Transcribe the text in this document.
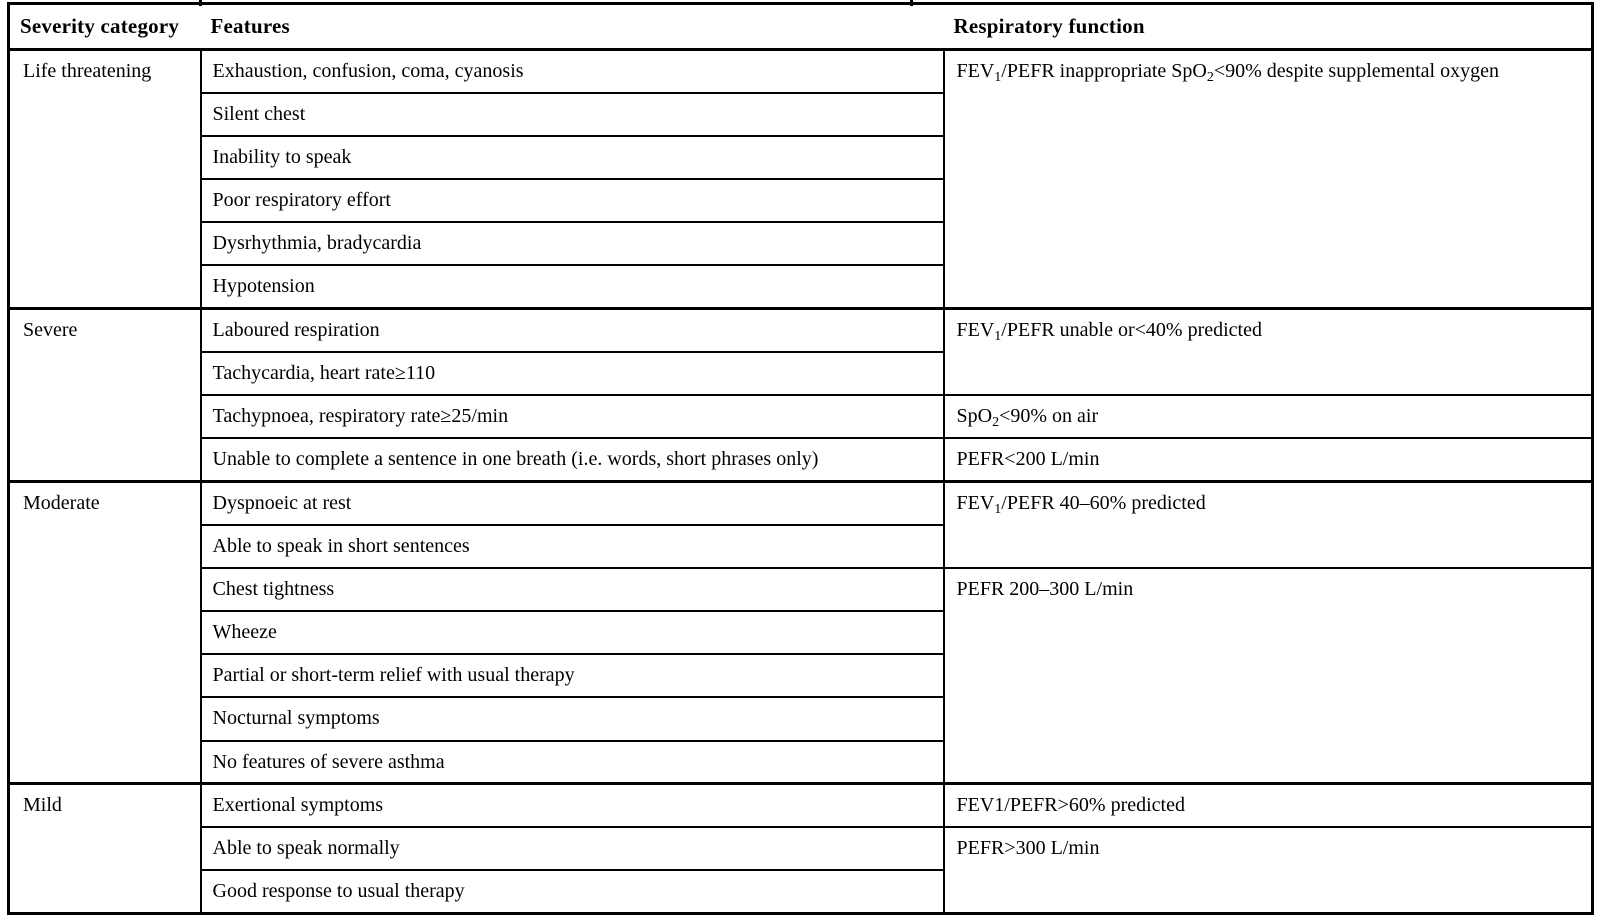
Severity category	Features	Respiratory function
Life threatening	Exhaustion, confusion, coma, cyanosis	$FEV_1$/PEFR inappropriate SpO$_2$<90% despite supplemental oxygen
	Silent chest	
	Inability to speak	
	Poor respiratory effort	
	Dysrhythmia, bradycardia	
	Hypotension	
Severe	Laboured respiration	$FEV_1$/PEFR unable or<40% predicted
	Tachycardia, heart rate≥110	
	Tachypnoea, respiratory rate≥25/min	SpO$_2$<90% on air
	Unable to complete a sentence in one breath (i.e. words, short phrases only)	PEFR<200 L/min
Moderate	Dyspnoeic at rest	$FEV_1$/PEFR 40–60% predicted
	Able to speak in short sentences	
	Chest tightness	PEFR 200–300 L/min
	Wheeze	
	Partial or short-term relief with usual therapy	
	Nocturnal symptoms	
	No features of severe asthma	
Mild	Exertional symptoms	FEV1/PEFR>60% predicted
	Able to speak normally	PEFR>300 L/min
	Good response to usual therapy	
